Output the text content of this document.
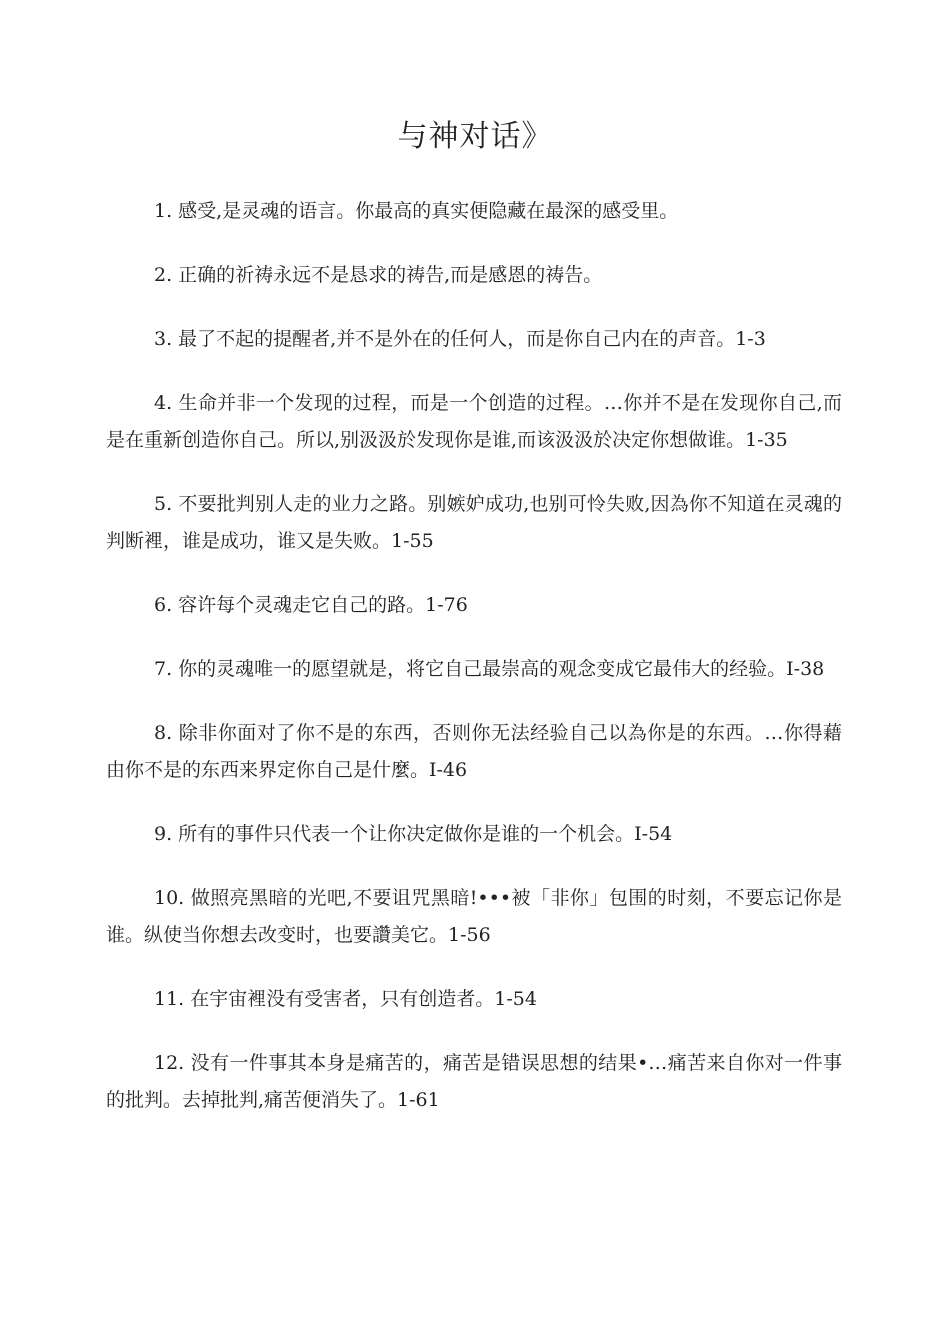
与神对话》

1. 感受,是灵魂的语言。你最高的真实便隐藏在最深的感受里。

2. 正确的祈祷永远不是恳求的祷告,而是感恩的祷告。

3. 最了不起的提醒者,并不是外在的任何人，而是你自己内在的声音。1-3

4. 生命并非一个发现的过程，而是一个创造的过程。…你并不是在发现你自己,而是在重新创造你自己。所以,别汲汲於发现你是谁,而该汲汲於决定你想做谁。1-35

5. 不要批判别人走的业力之路。别嫉妒成功,也别可怜失败,因為你不知道在灵魂的判断裡，谁是成功，谁又是失败。1-55

6. 容许每个灵魂走它自己的路。1-76

7. 你的灵魂唯一的愿望就是，将它自己最崇高的观念变成它最伟大的经验。I-38

8. 除非你面对了你不是的东西，否则你无法经验自己以為你是的东西。…你得藉由你不是的东西来界定你自己是什麼。I-46

9. 所有的事件只代表一个让你决定做你是谁的一个机会。I-54

10. 做照亮黑暗的光吧,不要诅咒黑暗!•••被「非你」包围的时刻，不要忘记你是谁。纵使当你想去改变时，也要讚美它。1-56

11. 在宇宙裡没有受害者，只有创造者。1-54

12. 没有一件事其本身是痛苦的，痛苦是错误思想的结果•…痛苦来自你对一件事的批判。去掉批判,痛苦便消失了。1-61
